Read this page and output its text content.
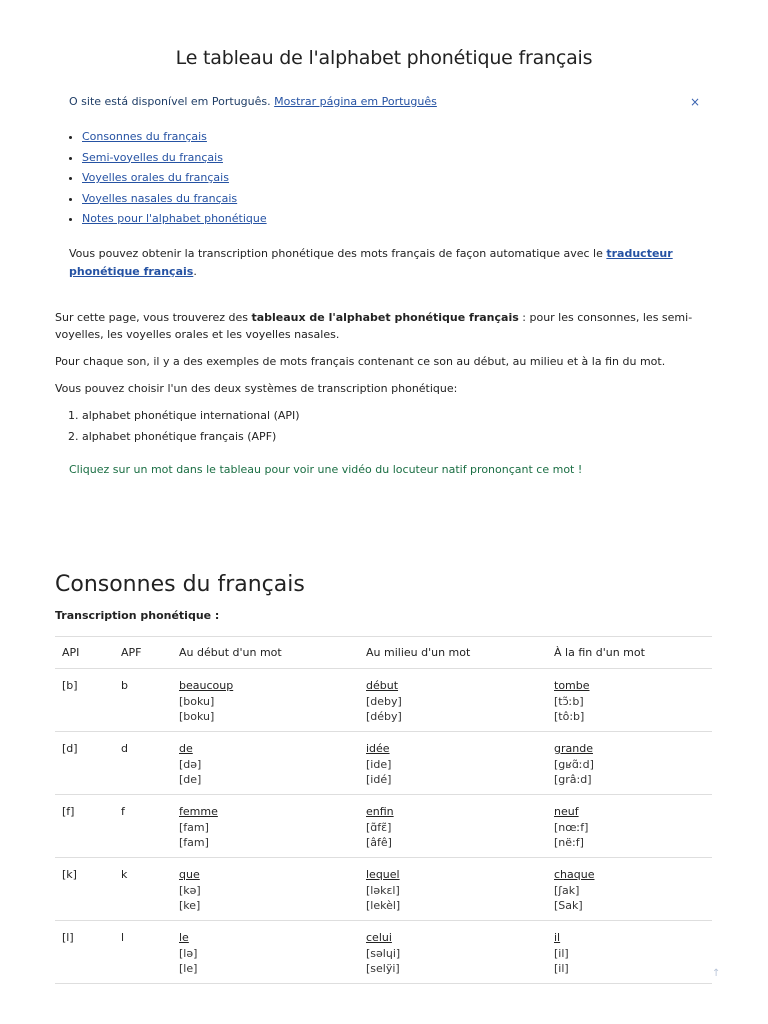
Le tableau de l'alphabet phonétique français
O site está disponível em Português. Mostrar página em Português	×
• Consonnes du français
• Semi-voyelles du français
• Voyelles orales du français
• Voyelles nasales du français
• Notes pour l'alphabet phonétique
Vous pouvez obtenir la transcription phonétique des mots français de façon automatique avec le traducteur phonétique français.

Sur cette page, vous trouverez des tableaux de l'alphabet phonétique français : pour les consonnes, les semi-voyelles, les voyelles orales et les voyelles nasales.

Pour chaque son, il y a des exemples de mots français contenant ce son au début, au milieu et à la fin du mot.

Vous pouvez choisir l'un des deux systèmes de transcription phonétique:

1. alphabet phonétique international (API)
2. alphabet phonétique français (APF)
Cliquez sur un mot dans le tableau pour voir une vidéo du locuteur natif prononçant ce mot !
Consonnes du français
Transcription phonétique :
API	APF	Au début d'un mot	Au milieu d'un mot	À la fin d'un mot
[b]	b	beaucoup
[boku]
[boku]	début
[deby]
[déby]	tombe
[tɔ̃ːb]
[tô:b]

[d]	d	de
[də]
[de]	idée
[ide]
[idé]	grande
[gʁɑ̃ːd]
[grâ:d]

[f]	f	femme
[fam]
[fam]	enfin
[ɑ̃fɛ̃]
[âfê]	neuf
[nœːf]
[në:f]

[k]	k	que
[kə]
[ke]	lequel
[ləkɛl]
[lekèl]	chaque
[ʃak]
[Sak]

[l]	l	le
[lə]
[le]	celui
[səlɥi]
[selÿi]	il
[il]
[il]	↑
